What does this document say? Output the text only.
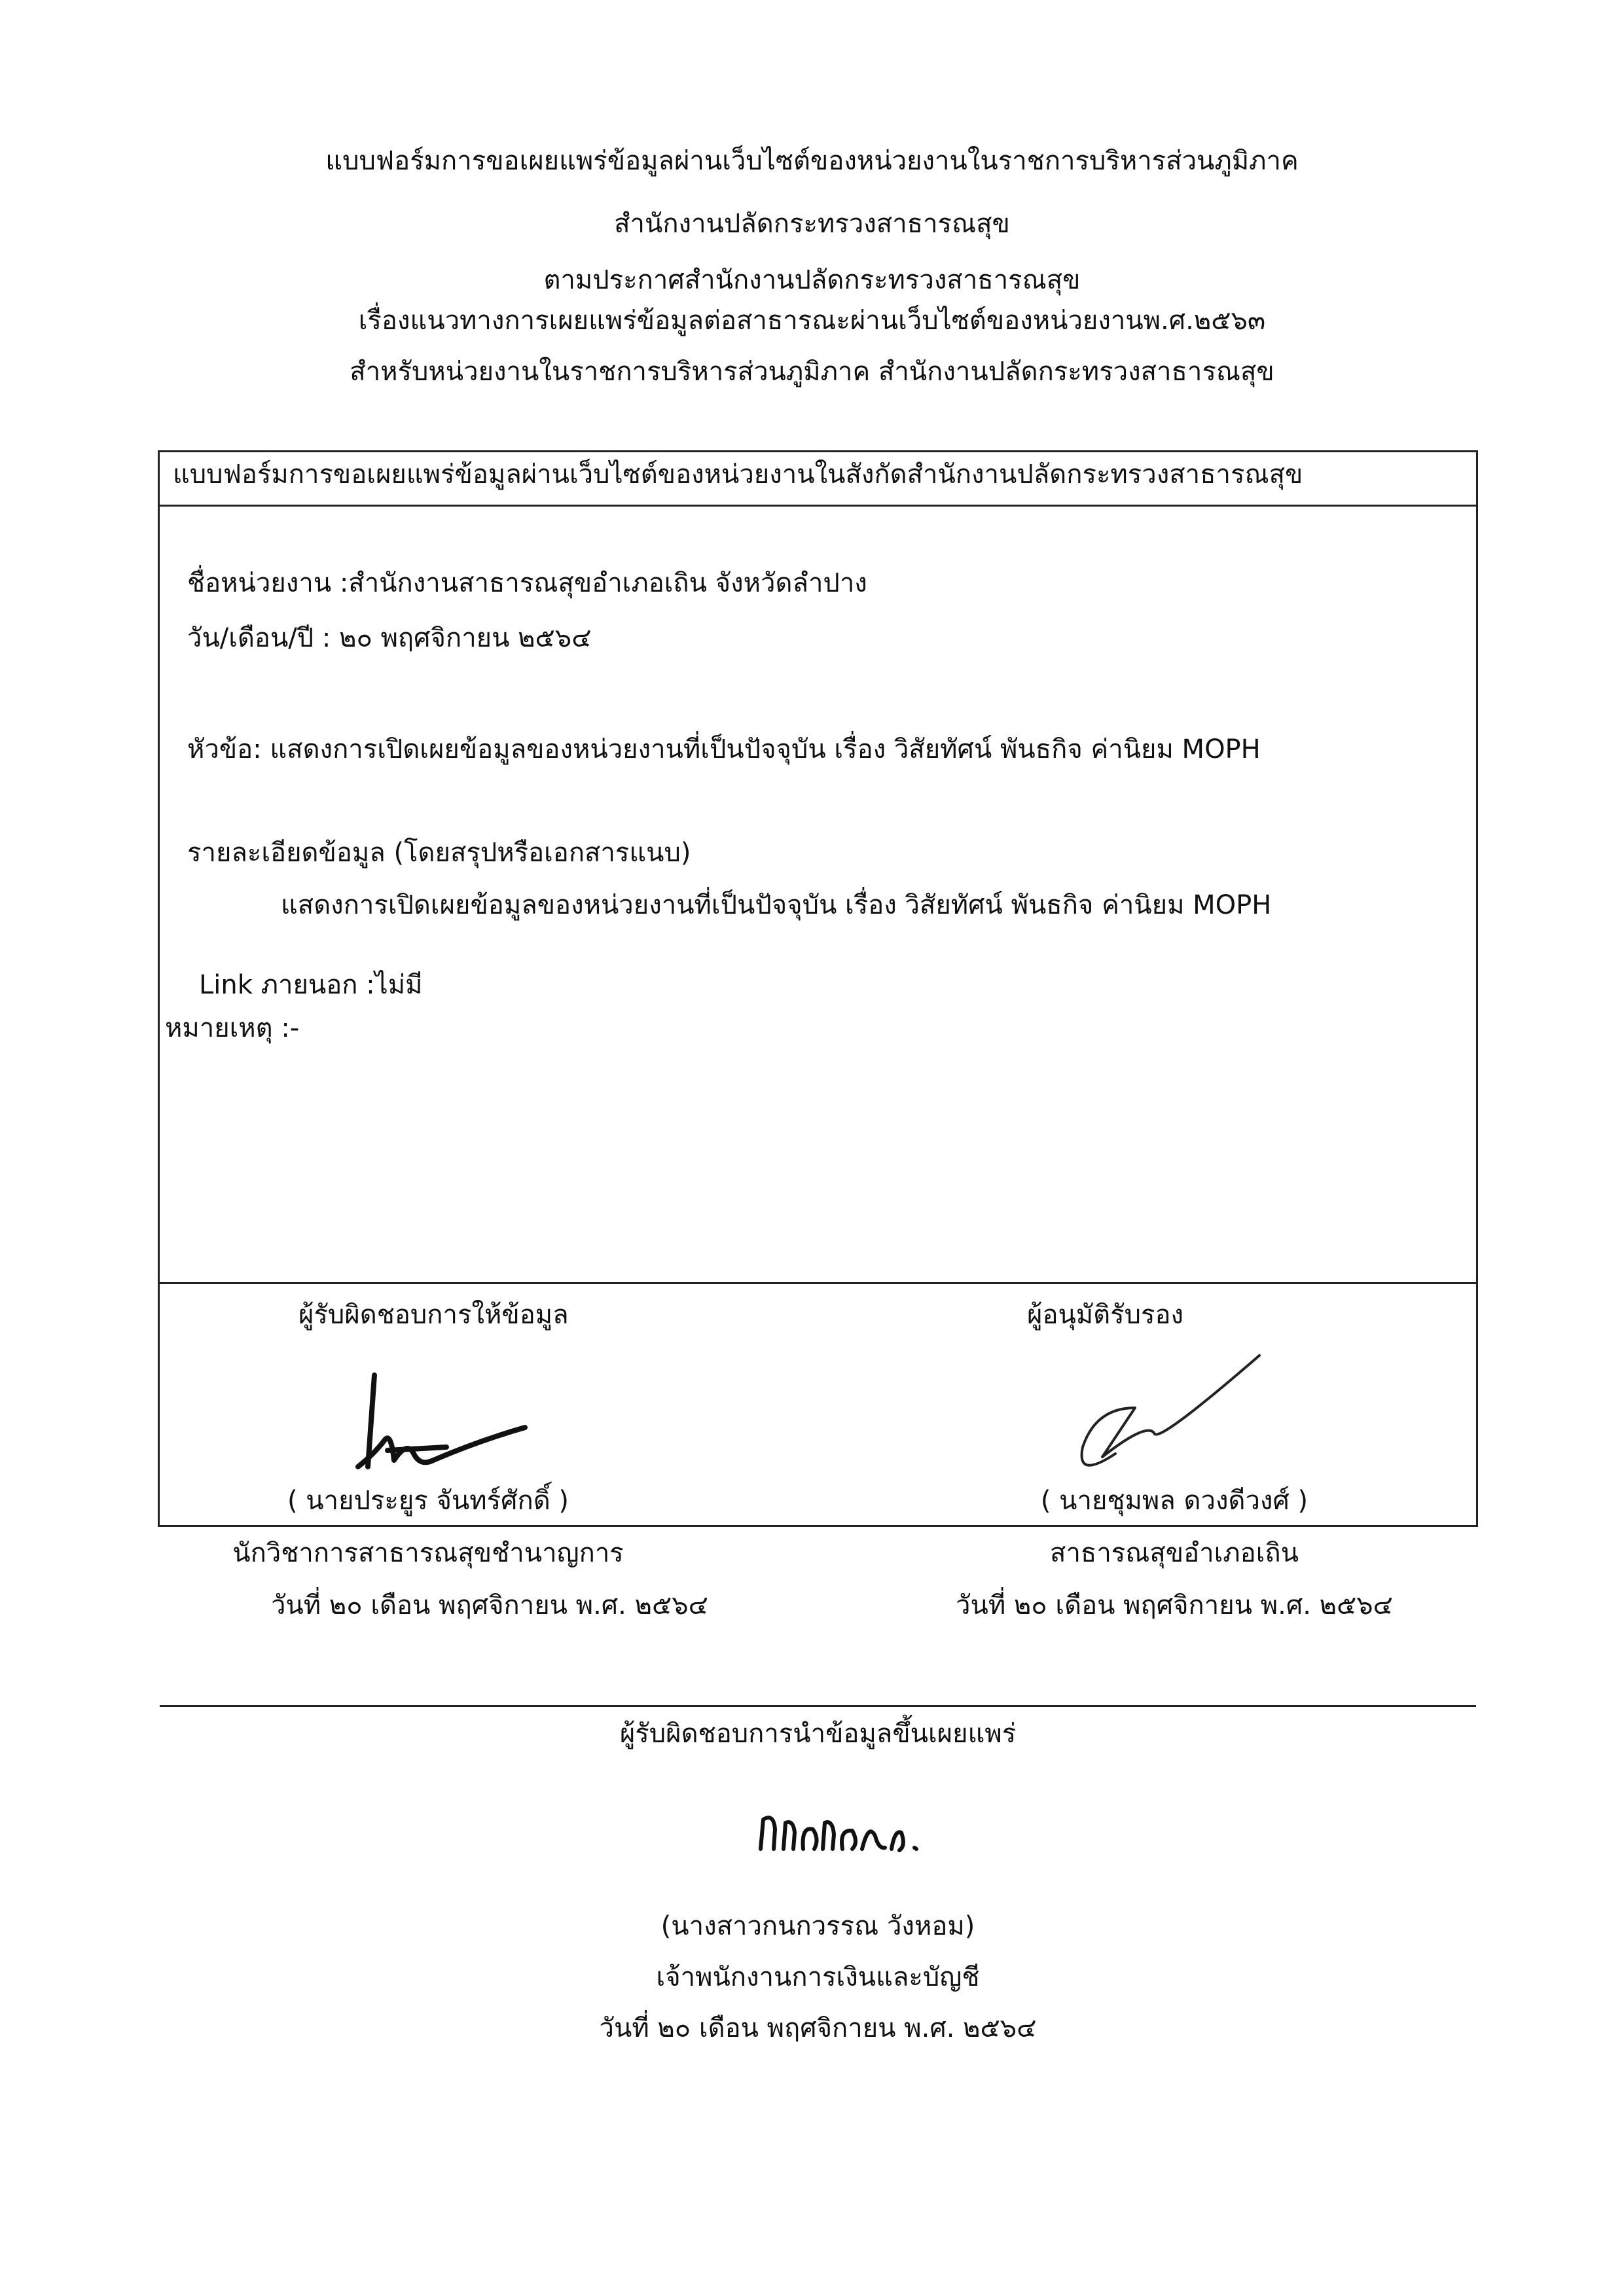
แบบฟอร์มการขอเผยแพร่ข้อมูลผ่านเว็บไซต์ของหน่วยงานในราชการบริหารส่วนภูมิภาค
สำนักงานปลัดกระทรวงสาธารณสุข
ตามประกาศสำนักงานปลัดกระทรวงสาธารณสุข
เรื่องแนวทางการเผยแพร่ข้อมูลต่อสาธารณะผ่านเว็บไซต์ของหน่วยงานพ.ศ.๒๕๖๓
สำหรับหน่วยงานในราชการบริหารส่วนภูมิภาค สำนักงานปลัดกระทรวงสาธารณสุข
แบบฟอร์มการขอเผยแพร่ข้อมูลผ่านเว็บไซต์ของหน่วยงานในสังกัดสำนักงานปลัดกระทรวงสาธารณสุข
ชื่อหน่วยงาน :สำนักงานสาธารณสุขอำเภอเถิน จังหวัดลำปาง
วัน/เดือน/ปี : ๒๐ พฤศจิกายน ๒๕๖๔
หัวข้อ: แสดงการเปิดเผยข้อมูลของหน่วยงานที่เป็นปัจจุบัน เรื่อง วิสัยทัศน์ พันธกิจ ค่านิยม MOPH
รายละเอียดข้อมูล (โดยสรุปหรือเอกสารแนบ)
แสดงการเปิดเผยข้อมูลของหน่วยงานที่เป็นปัจจุบัน เรื่อง วิสัยทัศน์ พันธกิจ ค่านิยม MOPH
Link ภายนอก :ไม่มี
หมายเหตุ :-
ผู้รับผิดชอบการให้ข้อมูล
( นายประยูร จันทร์ศักดิ์ )
นักวิชาการสาธารณสุขชำนาญการ
วันที่ ๒๐ เดือน พฤศจิกายน พ.ศ. ๒๕๖๔
ผู้อนุมัติรับรอง
( นายชุมพล ดวงดีวงศ์ )
สาธารณสุขอำเภอเถิน
วันที่ ๒๐ เดือน พฤศจิกายน พ.ศ. ๒๕๖๔
ผู้รับผิดชอบการนำข้อมูลขึ้นเผยแพร่
(นางสาวกนกวรรณ วังหอม)
เจ้าพนักงานการเงินและบัญชี
วันที่ ๒๐ เดือน พฤศจิกายน พ.ศ. ๒๕๖๔
